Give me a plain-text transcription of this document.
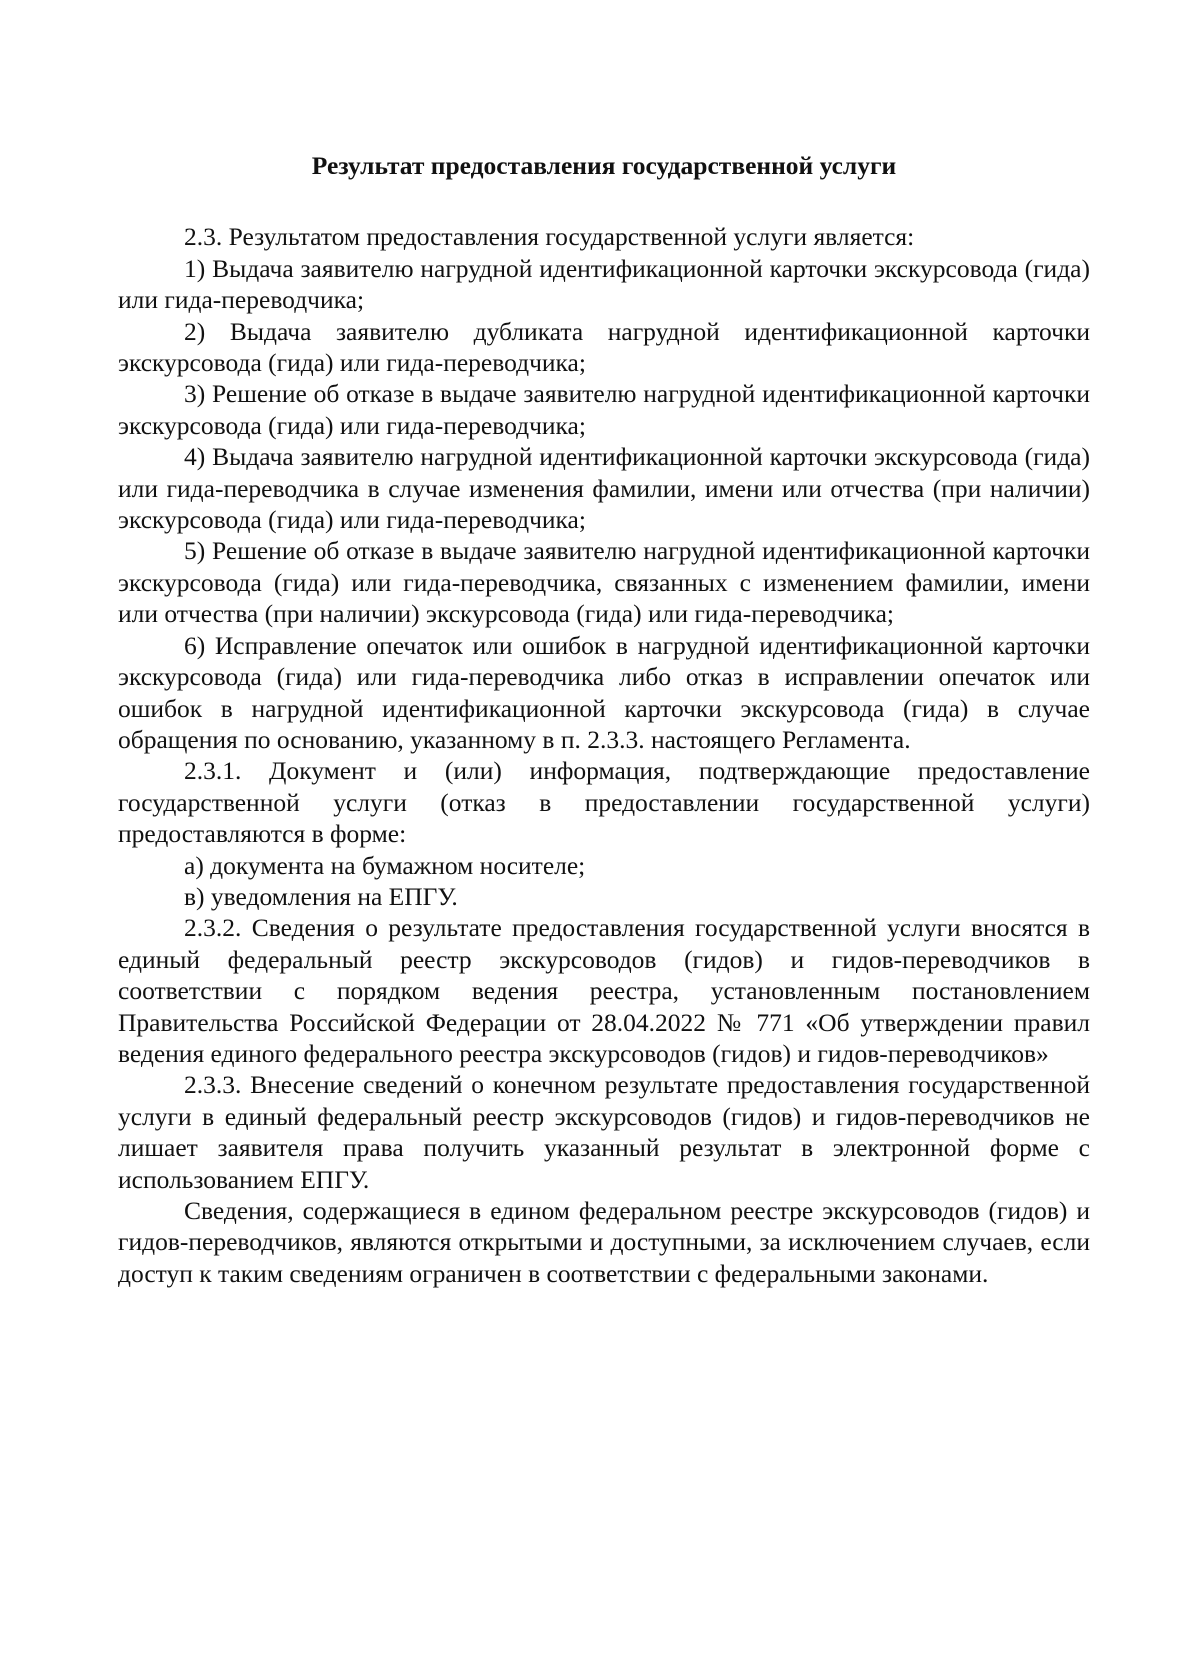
Результат предоставления государственной услуги

2.3. Результатом предоставления государственной услуги является:

1) Выдача заявителю нагрудной идентификационной карточки экскурсовода (гида) или гида-переводчика;

2) Выдача заявителю дубликата нагрудной идентификационной карточки экскурсовода (гида) или гида-переводчика;

3) Решение об отказе в выдаче заявителю нагрудной идентификационной карточки экскурсовода (гида) или гида-переводчика;

4) Выдача заявителю нагрудной идентификационной карточки экскурсовода (гида) или гида-переводчика в случае изменения фамилии, имени или отчества (при наличии) экскурсовода (гида) или гида-переводчика;

5) Решение об отказе в выдаче заявителю нагрудной идентификационной карточки экскурсовода (гида) или гида-переводчика, связанных с изменением фамилии, имени или отчества (при наличии) экскурсовода (гида) или гида-переводчика;

6) Исправление опечаток или ошибок в нагрудной идентификационной карточки экскурсовода (гида) или гида-переводчика либо отказ в исправлении опечаток или ошибок в нагрудной идентификационной карточки экскурсовода (гида) в случае обращения по основанию, указанному в п. 2.3.3. настоящего Регламента.

2.3.1. Документ и (или) информация, подтверждающие предоставление государственной услуги (отказ в предоставлении государственной услуги) предоставляются в форме:

а) документа на бумажном носителе;

в) уведомления на ЕПГУ.

2.3.2. Сведения о результате предоставления государственной услуги вносятся в единый федеральный реестр экскурсоводов (гидов) и гидов-переводчиков в соответствии с порядком ведения реестра, установленным постановлением Правительства Российской Федерации от 28.04.2022 № 771 «Об утверждении правил ведения единого федерального реестра экскурсоводов (гидов) и гидов-переводчиков»

2.3.3. Внесение сведений о конечном результате предоставления государственной услуги в единый федеральный реестр экскурсоводов (гидов) и гидов-переводчиков не лишает заявителя права получить указанный результат в электронной форме с использованием ЕПГУ.

Сведения, содержащиеся в едином федеральном реестре экскурсоводов (гидов) и гидов-переводчиков, являются открытыми и доступными, за исключением случаев, если доступ к таким сведениям ограничен в соответствии с федеральными законами.
